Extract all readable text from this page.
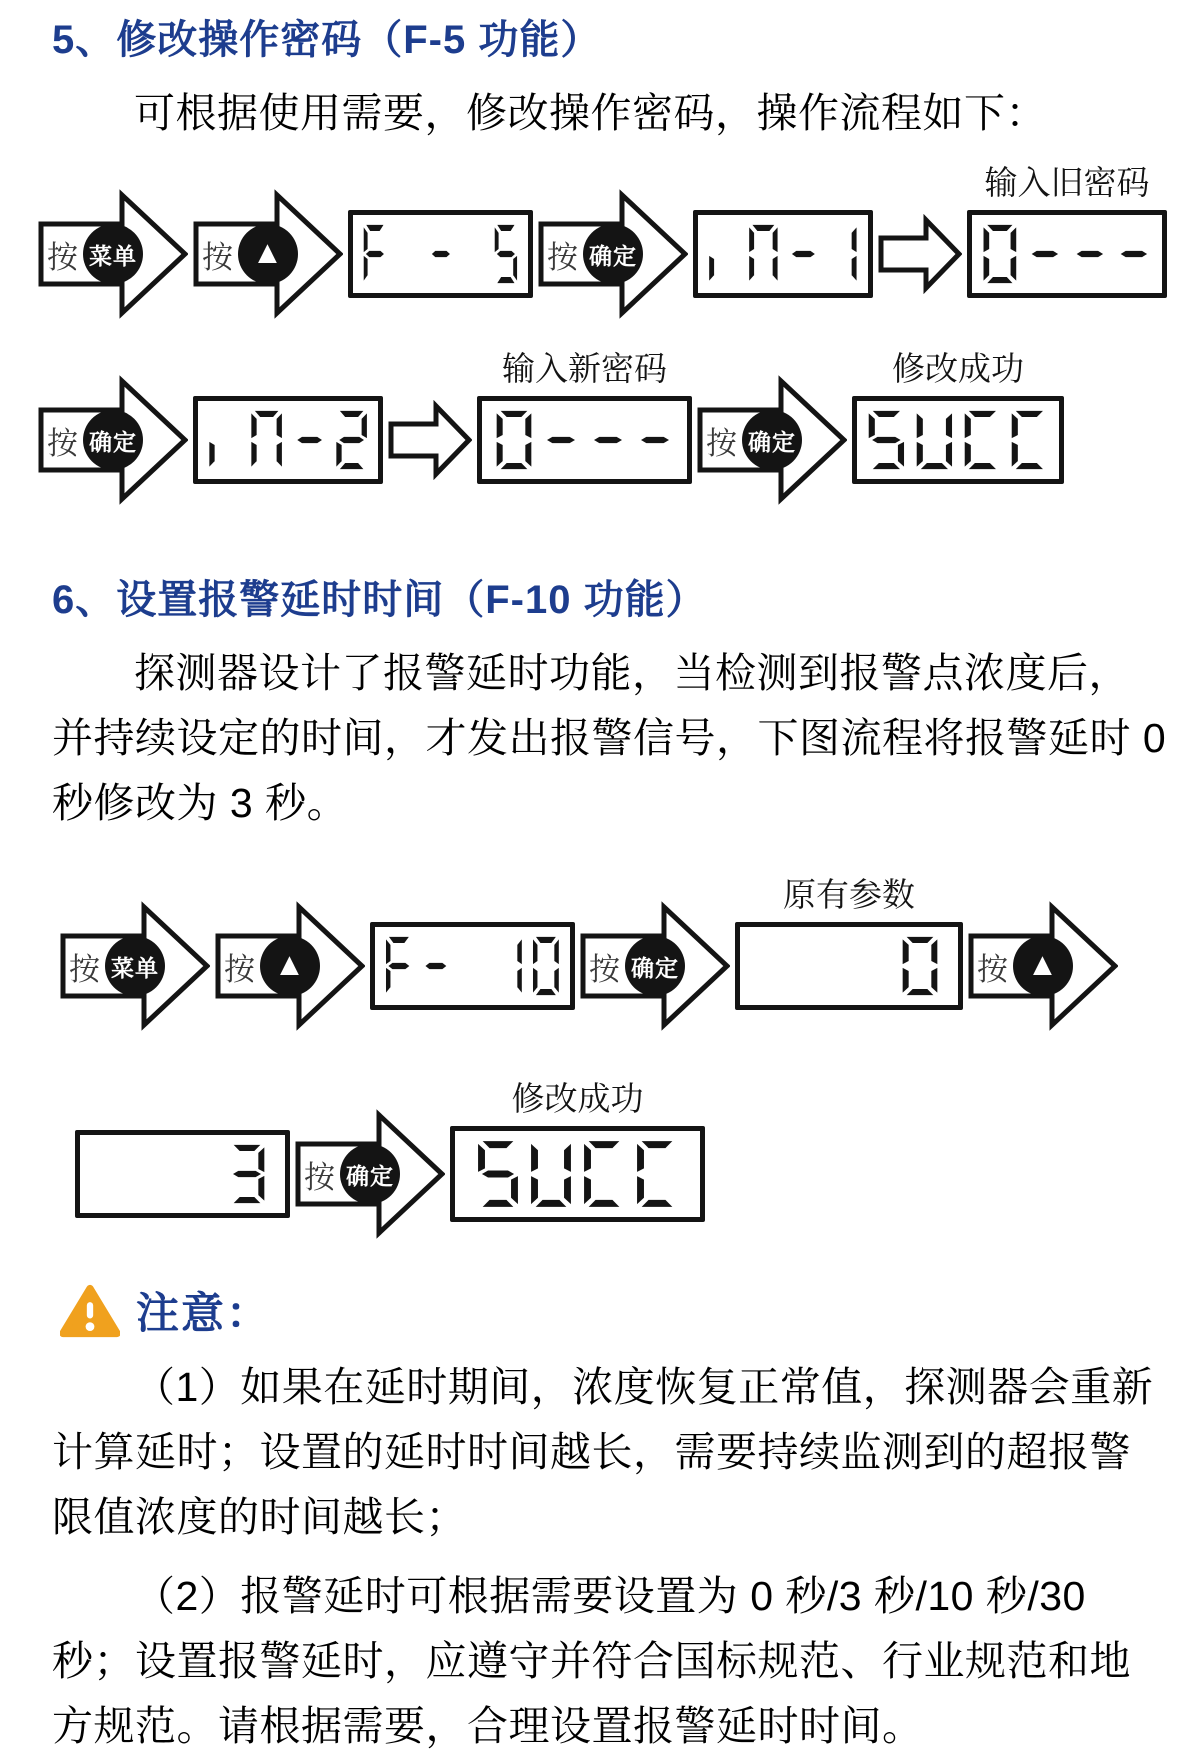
5、修改操作密码（F-5 功能）

可根据使用需要，修改操作密码，操作流程如下：

按 菜单 按 ▲	按 确定
输入旧密码
按 确定
输入新密码
按 确定
修改成功
6、设置报警延时时间（F-10 功能）

探测器设计了报警延时功能，当检测到报警点浓度后，并持续设定的时间，才发出报警信号，下图流程将报警延时 0 秒修改为 3 秒。

按 菜单 按 ▲	按 确定
原有参数
按 ▲
按 确定
修改成功
注意：

（1）如果在延时期间，浓度恢复正常值，探测器会重新计算延时；设置的延时时间越长，需要持续监测到的超报警限值浓度的时间越长；

（2）报警延时可根据需要设置为 0 秒/3 秒/10 秒/30 秒；设置报警延时，应遵守并符合国标规范、行业规范和地方规范。请根据需要，合理设置报警延时时间。
